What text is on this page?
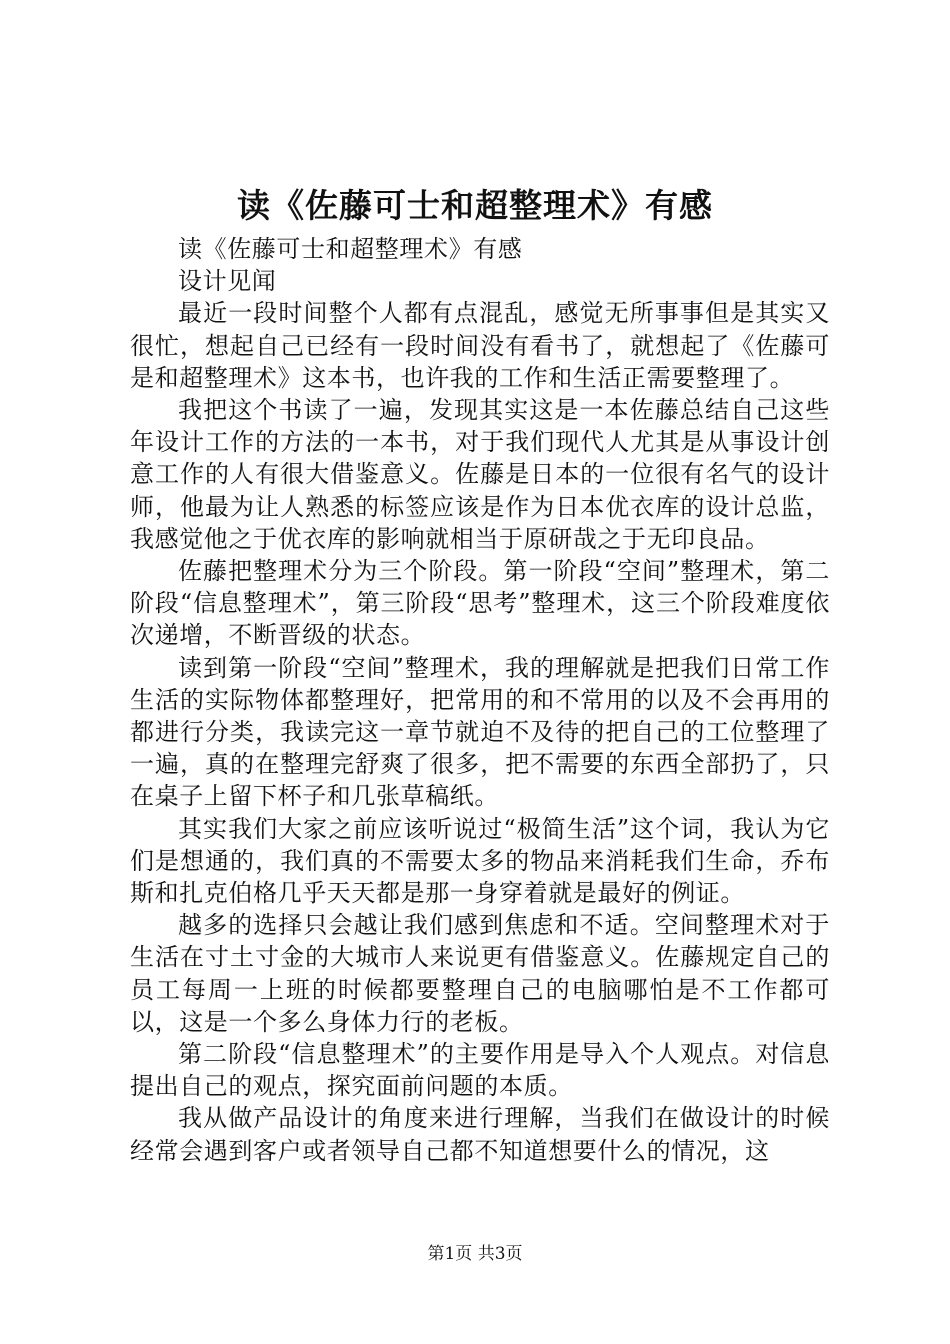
读《佐藤可士和超整理术》有感

读《佐藤可士和超整理术》有感

设计见闻

最近一段时间整个人都有点混乱，感觉无所事事但是其实又很忙，想起自己已经有一段时间没有看书了，就想起了《佐藤可是和超整理术》这本书，也许我的工作和生活正需要整理了。

我把这个书读了一遍，发现其实这是一本佐藤总结自己这些年设计工作的方法的一本书，对于我们现代人尤其是从事设计创意工作的人有很大借鉴意义。佐藤是日本的一位很有名气的设计师，他最为让人熟悉的标签应该是作为日本优衣库的设计总监，我感觉他之于优衣库的影响就相当于原研哉之于无印良品。

佐藤把整理术分为三个阶段。第一阶段“空间”整理术，第二阶段“信息整理术”，第三阶段“思考”整理术，这三个阶段难度依次递增，不断晋级的状态。

读到第一阶段“空间”整理术，我的理解就是把我们日常工作生活的实际物体都整理好，把常用的和不常用的以及不会再用的都进行分类，我读完这一章节就迫不及待的把自己的工位整理了一遍，真的在整理完舒爽了很多，把不需要的东西全部扔了，只在桌子上留下杯子和几张草稿纸。

其实我们大家之前应该听说过“极简生活”这个词，我认为它们是想通的，我们真的不需要太多的物品来消耗我们生命，乔布斯和扎克伯格几乎天天都是那一身穿着就是最好的例证。

越多的选择只会越让我们感到焦虑和不适。空间整理术对于生活在寸土寸金的大城市人来说更有借鉴意义。佐藤规定自己的员工每周一上班的时候都要整理自己的电脑哪怕是不工作都可以，这是一个多么身体力行的老板。

第二阶段“信息整理术”的主要作用是导入个人观点。对信息提出自己的观点，探究面前问题的本质。

我从做产品设计的角度来进行理解，当我们在做设计的时候经常会遇到客户或者领导自己都不知道想要什么的情况，这

第1页 共3页
